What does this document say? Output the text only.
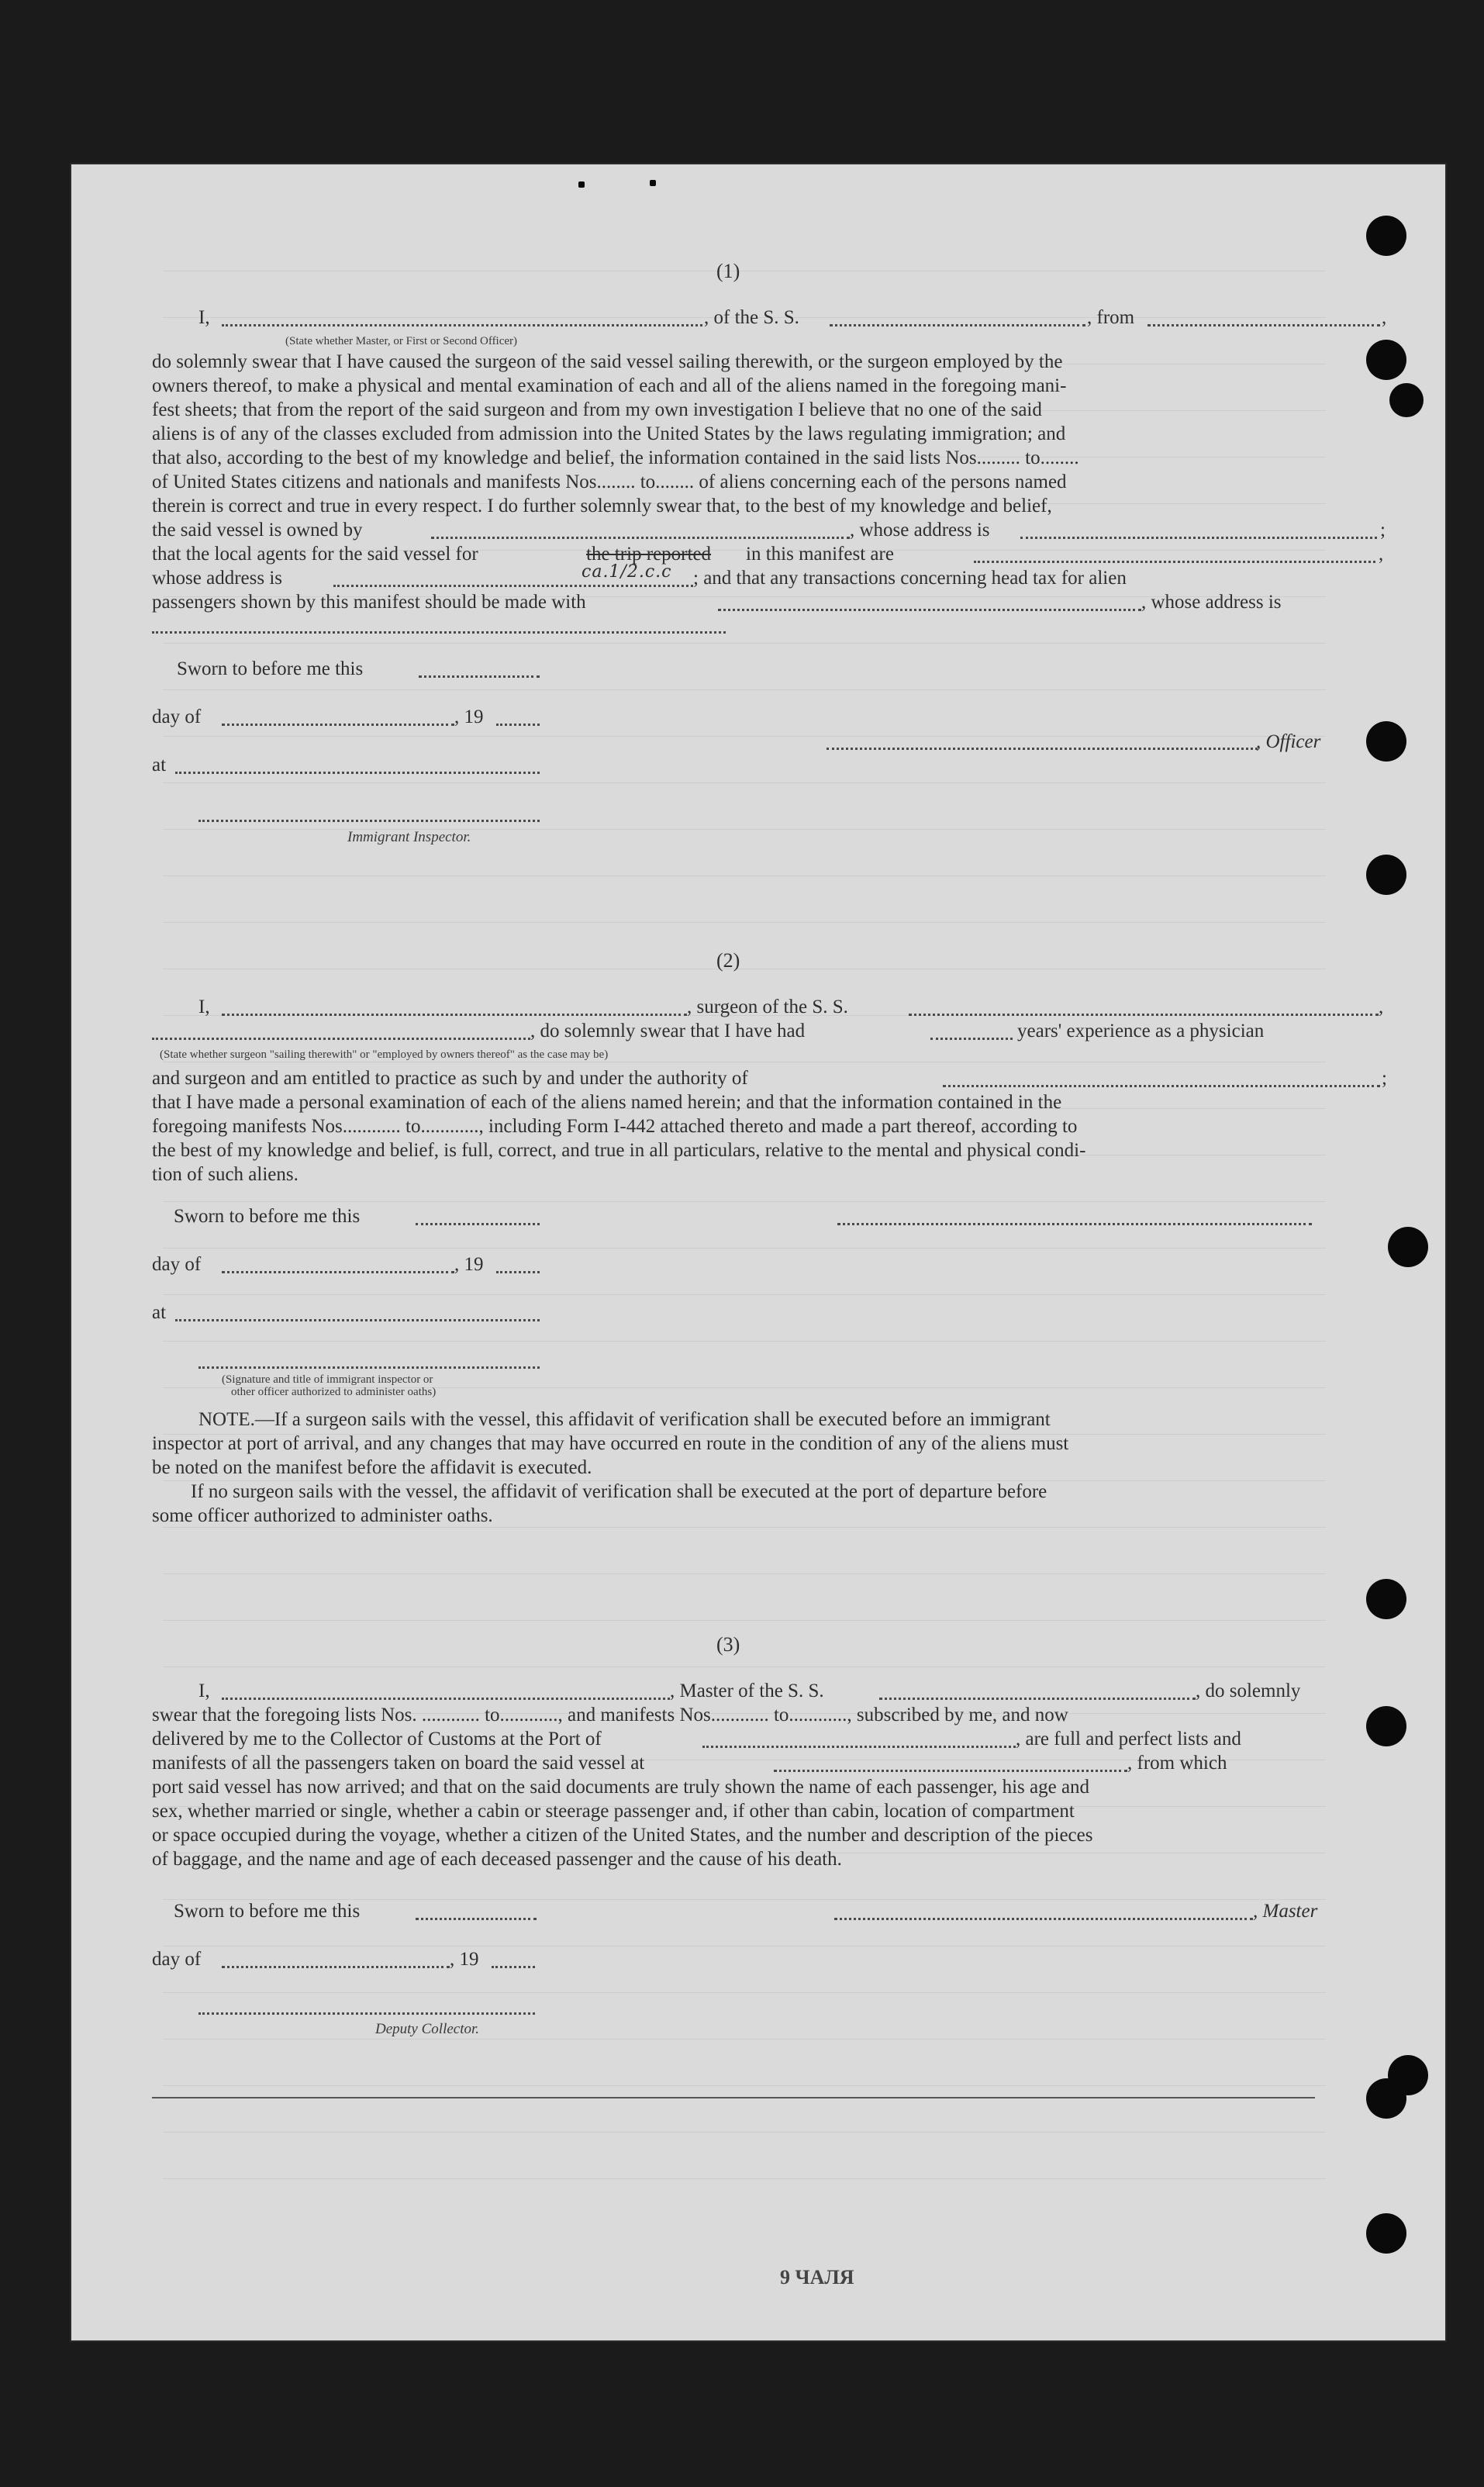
(1)
I,	, of the S. S.	, from	,
(State whether Master, or First or Second Officer)
do solemnly swear that I have caused the surgeon of the said vessel sailing therewith, or the surgeon employed by the
owners thereof, to make a physical and mental examination of each and all of the aliens named in the foregoing mani-
fest sheets; that from the report of the said surgeon and from my own investigation I believe that no one of the said
aliens is of any of the classes excluded from admission into the United States by the laws regulating immigration; and
that also, according to the best of my knowledge and belief, the information contained in the said lists Nos......... to........
of United States citizens and nationals and manifests Nos........ to........ of aliens concerning each of the persons named
therein is correct and true in every respect. I do further solemnly swear that, to the best of my knowledge and belief,
the said vessel is owned by	, whose address is	;
that the local agents for the said vessel for	the trip reported in this manifest are	,
whose address is	ca.1/2.c.c ; and that any transactions concerning head tax for alien
passengers shown by this manifest should be made with	, whose address is
Sworn to before me this
day of	, 19
at
Immigrant Inspector.
, Officer
(2)
I,	, surgeon of the S. S.	,
, do solemnly swear that I have had	years' experience as a physician
(State whether surgeon "sailing therewith" or "employed by owners thereof" as the case may be)
and surgeon and am entitled to practice as such by and under the authority of	;
that I have made a personal examination of each of the aliens named herein; and that the information contained in the
foregoing manifests Nos............ to............, including Form I-442 attached thereto and made a part thereof, according to
the best of my knowledge and belief, is full, correct, and true in all particulars, relative to the mental and physical condi-
tion of such aliens.
Sworn to before me this
day of	, 19
at
(Signature and title of immigrant inspector or
other officer authorized to administer oaths)
NOTE.—If a surgeon sails with the vessel, this affidavit of verification shall be executed before an immigrant
inspector at port of arrival, and any changes that may have occurred en route in the condition of any of the aliens must
be noted on the manifest before the affidavit is executed.
If no surgeon sails with the vessel, the affidavit of verification shall be executed at the port of departure before
some officer authorized to administer oaths.
(3)
I,	, Master of the S. S.	, do solemnly
swear that the foregoing lists Nos. ............ to............, and manifests Nos............ to............, subscribed by me, and now
delivered by me to the Collector of Customs at the Port of	, are full and perfect lists and
manifests of all the passengers taken on board the said vessel at	, from which
port said vessel has now arrived; and that on the said documents are truly shown the name of each passenger, his age and
sex, whether married or single, whether a cabin or steerage passenger and, if other than cabin, location of compartment
or space occupied during the voyage, whether a citizen of the United States, and the number and description of the pieces
of baggage, and the name and age of each deceased passenger and the cause of his death.
Sworn to before me this	, Master
day of	, 19
Deputy Collector.
9 ЧАЛЯ
